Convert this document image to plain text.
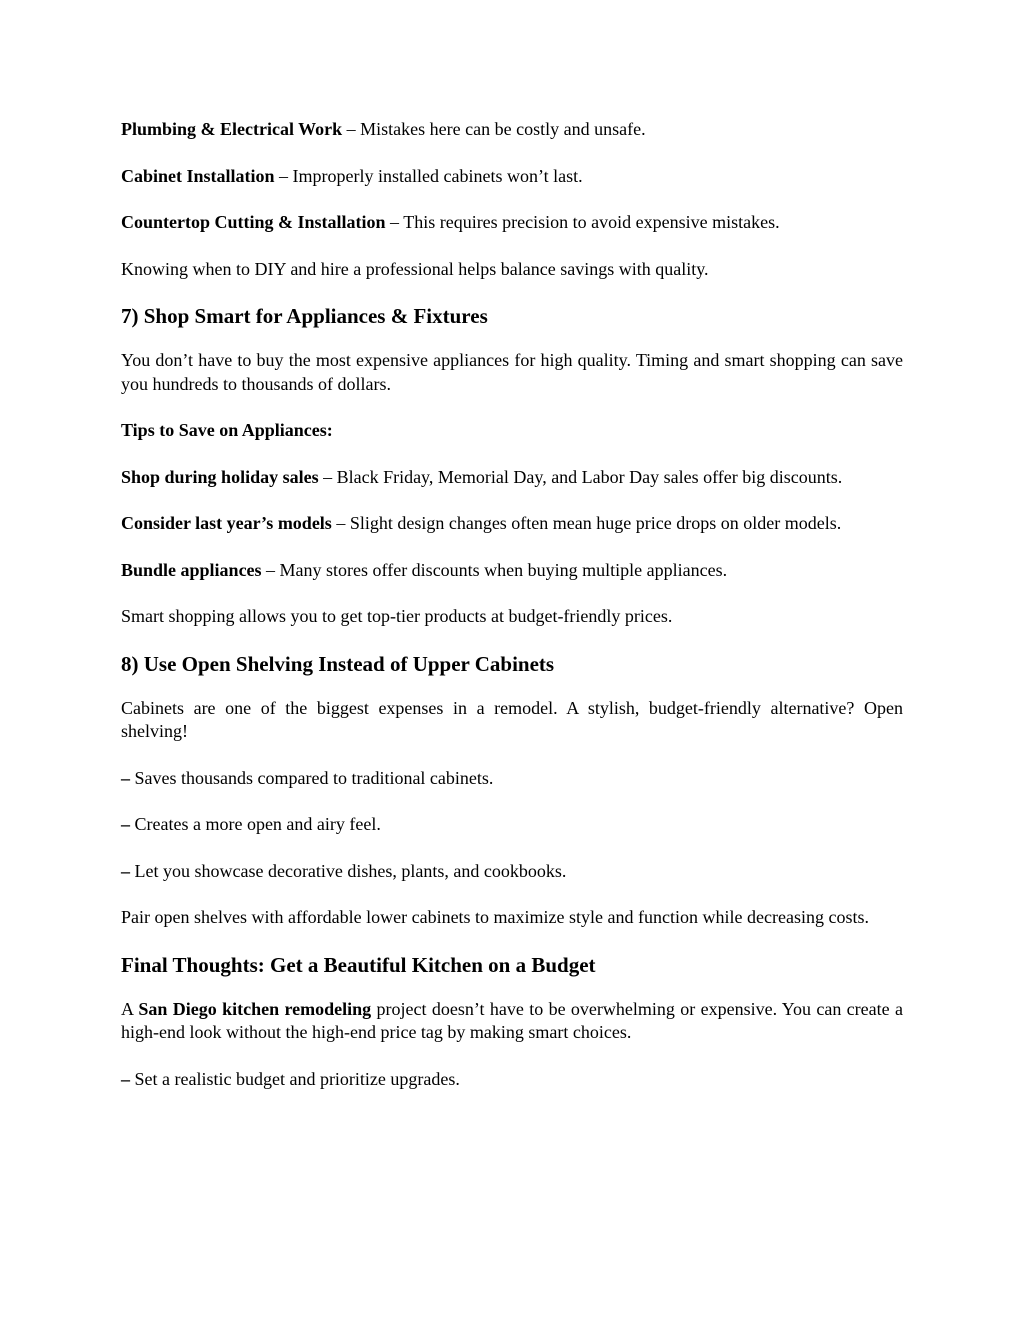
Plumbing & Electrical Work – Mistakes here can be costly and unsafe.

Cabinet Installation – Improperly installed cabinets won’t last.

Countertop Cutting & Installation – This requires precision to avoid expensive mistakes.

Knowing when to DIY and hire a professional helps balance savings with quality.

7) Shop Smart for Appliances & Fixtures

You don’t have to buy the most expensive appliances for high quality. Timing and smart shopping can save you hundreds to thousands of dollars.

Tips to Save on Appliances:

Shop during holiday sales – Black Friday, Memorial Day, and Labor Day sales offer big discounts.

Consider last year’s models – Slight design changes often mean huge price drops on older models.

Bundle appliances – Many stores offer discounts when buying multiple appliances.

Smart shopping allows you to get top-tier products at budget-friendly prices.

8) Use Open Shelving Instead of Upper Cabinets

Cabinets are one of the biggest expenses in a remodel. A stylish, budget-friendly alternative? Open shelving!

– Saves thousands compared to traditional cabinets.

– Creates a more open and airy feel.

– Let you showcase decorative dishes, plants, and cookbooks.

Pair open shelves with affordable lower cabinets to maximize style and function while decreasing costs.

Final Thoughts: Get a Beautiful Kitchen on a Budget

A San Diego kitchen remodeling project doesn’t have to be overwhelming or expensive. You can create a high-end look without the high-end price tag by making smart choices.

– Set a realistic budget and prioritize upgrades.
